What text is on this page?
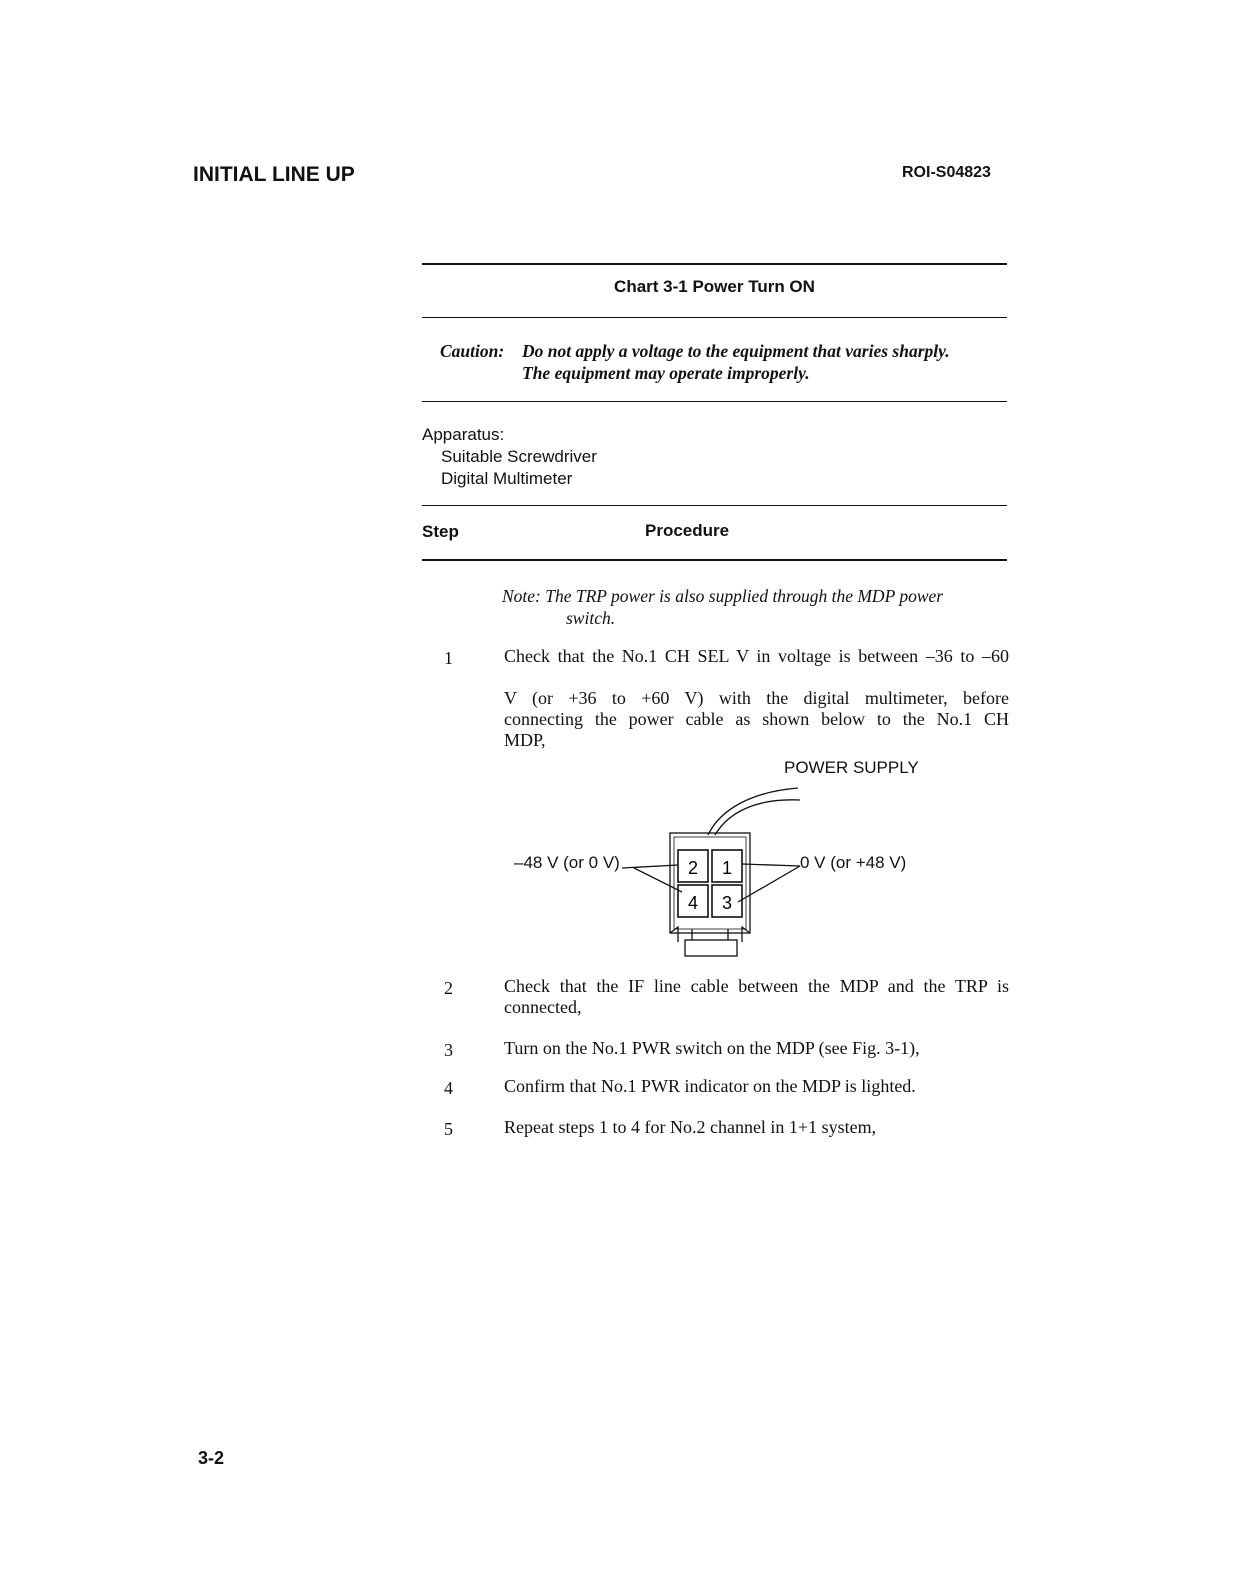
INITIAL LINE UP	ROI-S04823
Chart 3-1 Power Turn ON
Caution: Do not apply a voltage to the equipment that varies sharply.
The equipment may operate improperly.
Apparatus:
Suitable Screwdriver
Digital Multimeter
Step	Procedure
Note: The TRP power is also supplied through the MDP power
switch.
1	Check that the No.1 CH SEL V in voltage is between –36 to –60
V (or +36 to +60 V) with the digital multimeter, before
connecting the power cable as shown below to the No.1 CH
MDP,
POWER SUPPLY
–48 V (or 0 V)	0 V (or +48 V)
2 1
4 3
2	Check that the IF line cable between the MDP and the TRP is
connected,
3	Turn on the No.1 PWR switch on the MDP (see Fig. 3-1),
4	Confirm that No.1 PWR indicator on the MDP is lighted.
5	Repeat steps 1 to 4 for No.2 channel in 1+1 system,
3-2
